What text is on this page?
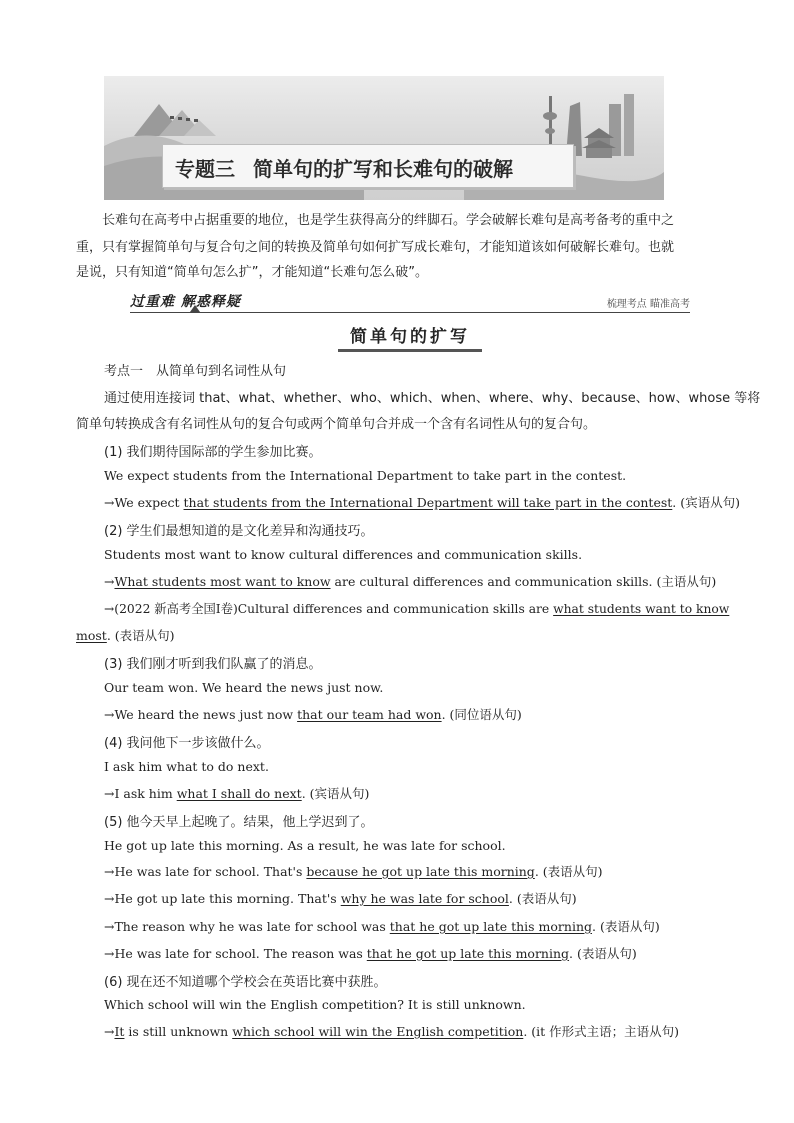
专题三 简单句的扩写和长难句的破解
长难句在高考中占据重要的地位，也是学生获得高分的绊脚石。学会破解长难句是高考备考的重中之
重，只有掌握简单句与复合句之间的转换及简单句如何扩写成长难句，才能知道该如何破解长难句。也就
是说，只有知道“简单句怎么扩”，才能知道“长难句怎么破”。
过重难 解惑释疑	梳理考点 瞄准高考
简单句的扩写
考点一　从简单句到名词性从句
通过使用连接词 that、what、whether、who、which、when、where、why、because、how、whose 等将
简单句转换成含有名词性从句的复合句或两个简单句合并成一个含有名词性从句的复合句。
(1) 我们期待国际部的学生参加比赛。
We expect students from the International Department to take part in the contest.
→We expect that students from the International Department will take part in the contest. (宾语从句)
(2) 学生们最想知道的是文化差异和沟通技巧。
Students most want to know cultural differences and communication skills.
→What students most want to know are cultural differences and communication skills. (主语从句)
→(2022 新高考全国Ⅰ卷)Cultural differences and communication skills are what students want to know
most. (表语从句)
(3) 我们刚才听到我们队赢了的消息。
Our team won. We heard the news just now.
→We heard the news just now that our team had won. (同位语从句)
(4) 我问他下一步该做什么。
I ask him what to do next.
→I ask him what I shall do next. (宾语从句)
(5) 他今天早上起晚了。结果，他上学迟到了。
He got up late this morning. As a result, he was late for school.
→He was late for school. That's because he got up late this morning. (表语从句)
→He got up late this morning. That's why he was late for school. (表语从句)
→The reason why he was late for school was that he got up late this morning. (表语从句)
→He was late for school. The reason was that he got up late this morning. (表语从句)
(6) 现在还不知道哪个学校会在英语比赛中获胜。
Which school will win the English competition? It is still unknown.
→It is still unknown which school will win the English competition. (it 作形式主语；主语从句)
